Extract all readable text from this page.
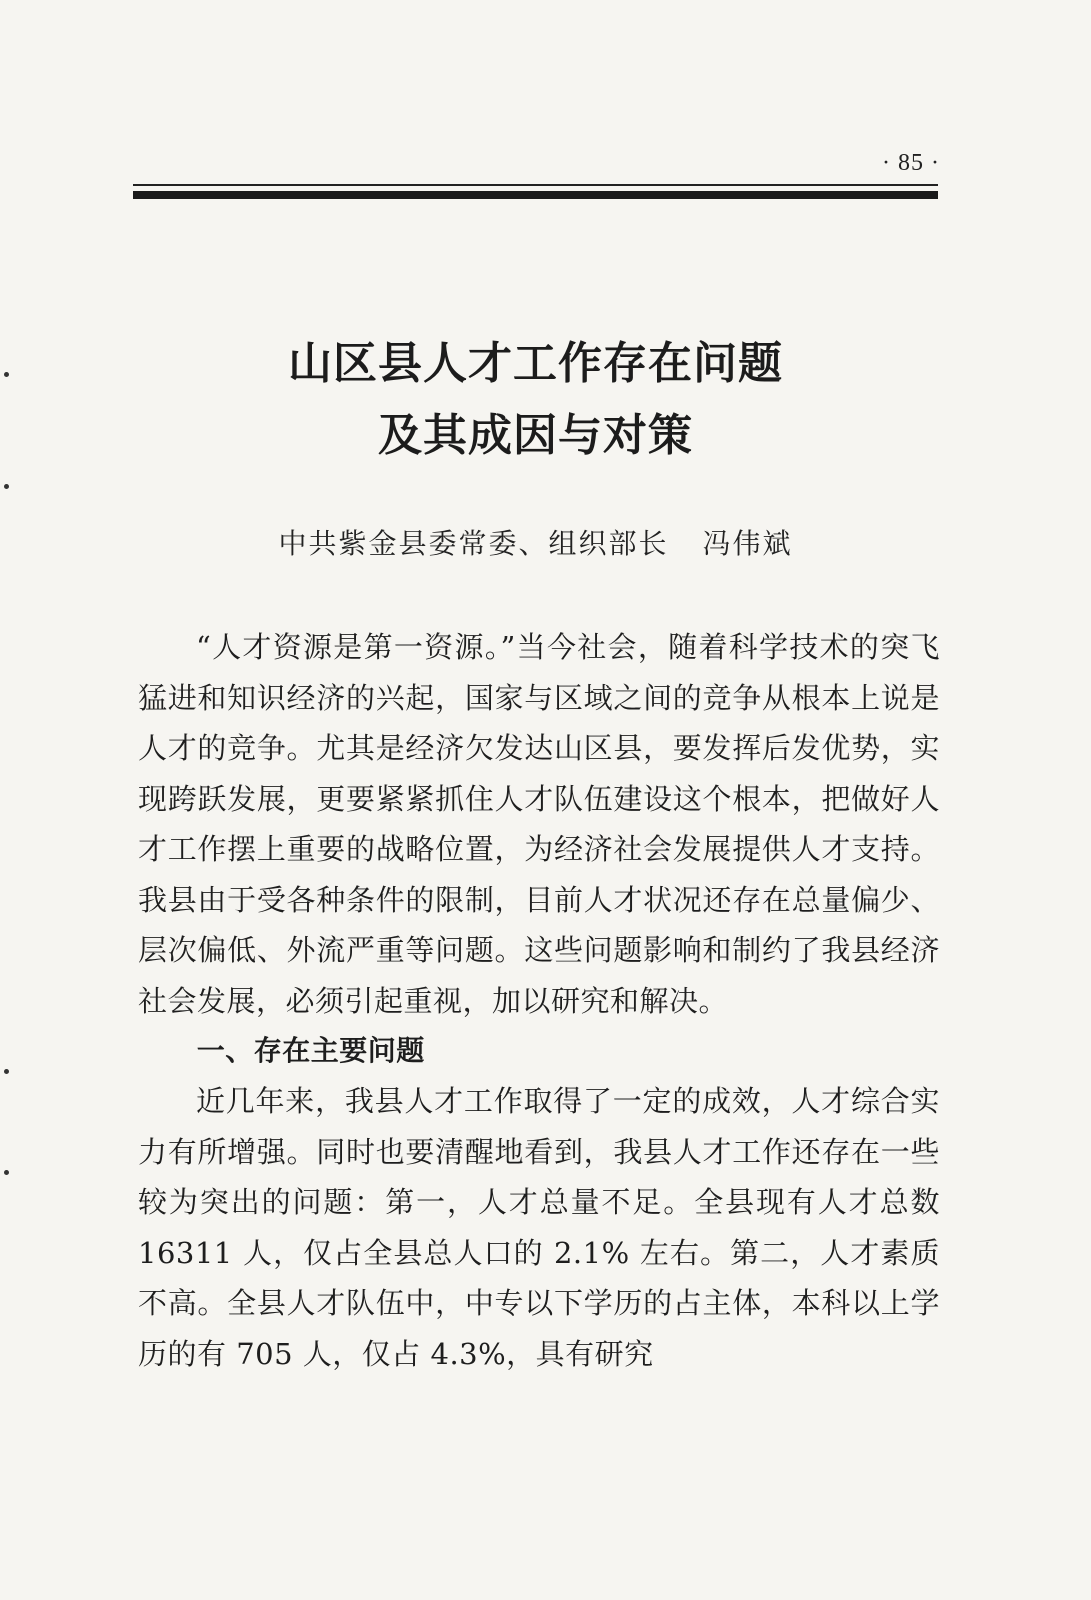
· 85 ·
山区县人才工作存在问题
及其成因与对策
中共紫金县委常委、组织部长 冯伟斌

“人才资源是第一资源。”当今社会，随着科学技术的突飞猛进和知识经济的兴起，国家与区域之间的竞争从根本上说是人才的竞争。尤其是经济欠发达山区县，要发挥后发优势，实现跨跃发展，更要紧紧抓住人才队伍建设这个根本，把做好人才工作摆上重要的战略位置，为经济社会发展提供人才支持。我县由于受各种条件的限制，目前人才状况还存在总量偏少、层次偏低、外流严重等问题。这些问题影响和制约了我县经济社会发展，必须引起重视，加以研究和解决。

一、存在主要问题

近几年来，我县人才工作取得了一定的成效，人才综合实力有所增强。同时也要清醒地看到，我县人才工作还存在一些较为突出的问题：第一，人才总量不足。全县现有人才总数 16311 人，仅占全县总人口的 2.1% 左右。第二，人才素质不高。全县人才队伍中，中专以下学历的占主体，本科以上学历的有 705 人，仅占 4.3%，具有研究
